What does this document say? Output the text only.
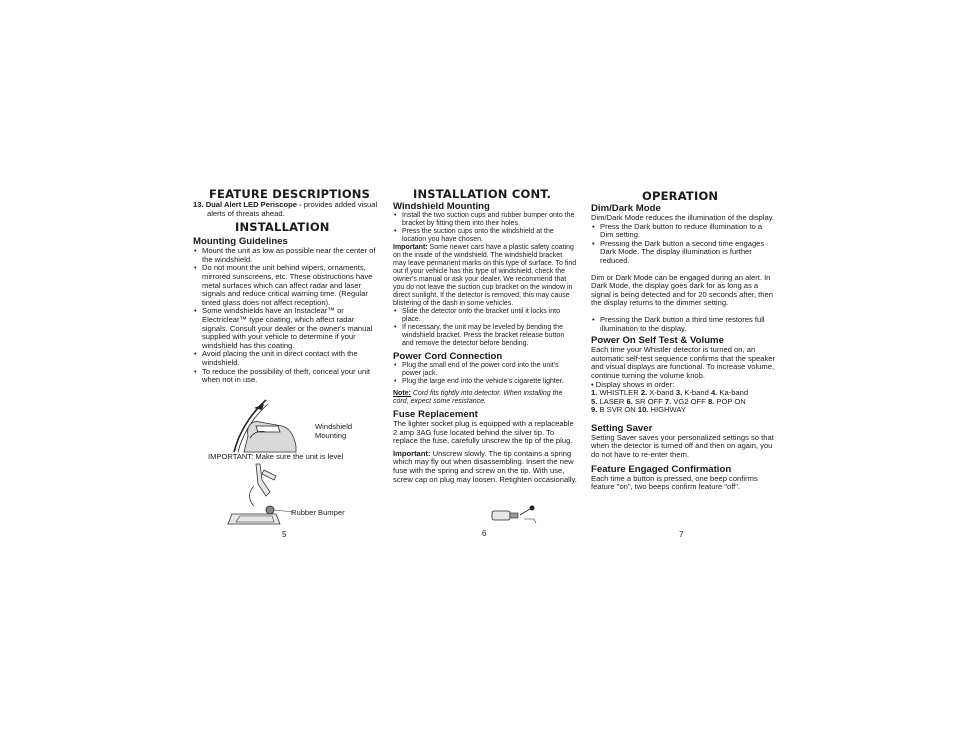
FEATURE DESCRIPTIONS

13. Dual Alert LED Periscope - provides added visual alerts of threats ahead.

INSTALLATION
Mounting Guidelines
• Mount the unit as low as possible near the center of the windshield.
• Do not mount the unit behind wipers, ornaments, mirrored sunscreens, etc. These obstructions have metal surfaces which can affect radar and laser signals and reduce critical warning time. (Regular tinted glass does not affect reception).
• Some windshields have an Instaclear™ or Electriclear™ type coating, which affect radar signals. Consult your dealer or the owner's manual supplied with your vehicle to determine if your windshield has this coating.
• Avoid placing the unit in direct contact with the windshield.
• To reduce the possibility of theft, conceal your unit when not in use.
Windshield
Mounting
IMPORTANT: Make sure the unit is level
Rubber Bumper
5
INSTALLATION CONT.
Windshield Mounting
• Install the two suction cups and rubber bumper onto the bracket by fitting them into their holes.
• Press the suction cups onto the windshield at the location you have chosen.

Important: Some newer cars have a plastic safety coating on the inside of the windshield. The windshield bracket may leave permanent marks on this type of surface. To find out if your vehicle has this type of windshield, check the owner's manual or ask your dealer. We recommend that you do not leave the suction cup bracket on the window in direct sunlight. If the detector is removed, this may cause blistering of the dash in some vehicles.

• Slide the detector onto the bracket until it locks into place.
• If necessary, the unit may be leveled by bending the windshield bracket. Press the bracket release button and remove the detector before bending.
Power Cord Connection
• Plug the small end of the power cord into the unit's power jack.
• Plug the large end into the vehicle's cigarette lighter.

Note: Cord fits tightly into detector. When installing the cord, expect some resistance.

Fuse Replacement

The lighter socket plug is equipped with a replaceable 2 amp 3AG fuse located behind the silver tip. To replace the fuse, carefully unscrew the tip of the plug.

Important: Unscrew slowly. The tip contains a spring which may fly out when disassembling. Insert the new fuse with the spring and screw on the tip. With use, screw cap on plug may loosen. Retighten occasionally.

6
OPERATION
Dim/Dark Mode

Dim/Dark Mode reduces the illumination of the display.

• Press the Dark button to reduce illumination to a Dim setting.
• Pressing the Dark button a second time engages Dark Mode. The display illumination is further reduced.

Dim or Dark Mode can be engaged during an alert. In Dark Mode, the display goes dark for as long as a signal is being detected and for 20 seconds after, then the display returns to the dimmer setting.

• Pressing the Dark button a third time restores full illumination to the display.
Power On Self Test & Volume

Each time your Whistler detector is turned on, an automatic self-test sequence confirms that the speaker and visual displays are functional. To increase volume, continue turning the volume knob.

• Display shows in order:

1. WHISTLER 2. X-band 3. K-band 4. Ka-band

5. LASER 6. SR OFF 7. VG2 OFF 8. POP ON

9. B SVR ON 10. HIGHWAY

Setting Saver

Setting Saver saves your personalized settings so that when the detector is turned off and then on again, you do not have to re-enter them.

Feature Engaged Confirmation

Each time a button is pressed, one beep confirms feature "on", two beeps confirm feature "off".

7
